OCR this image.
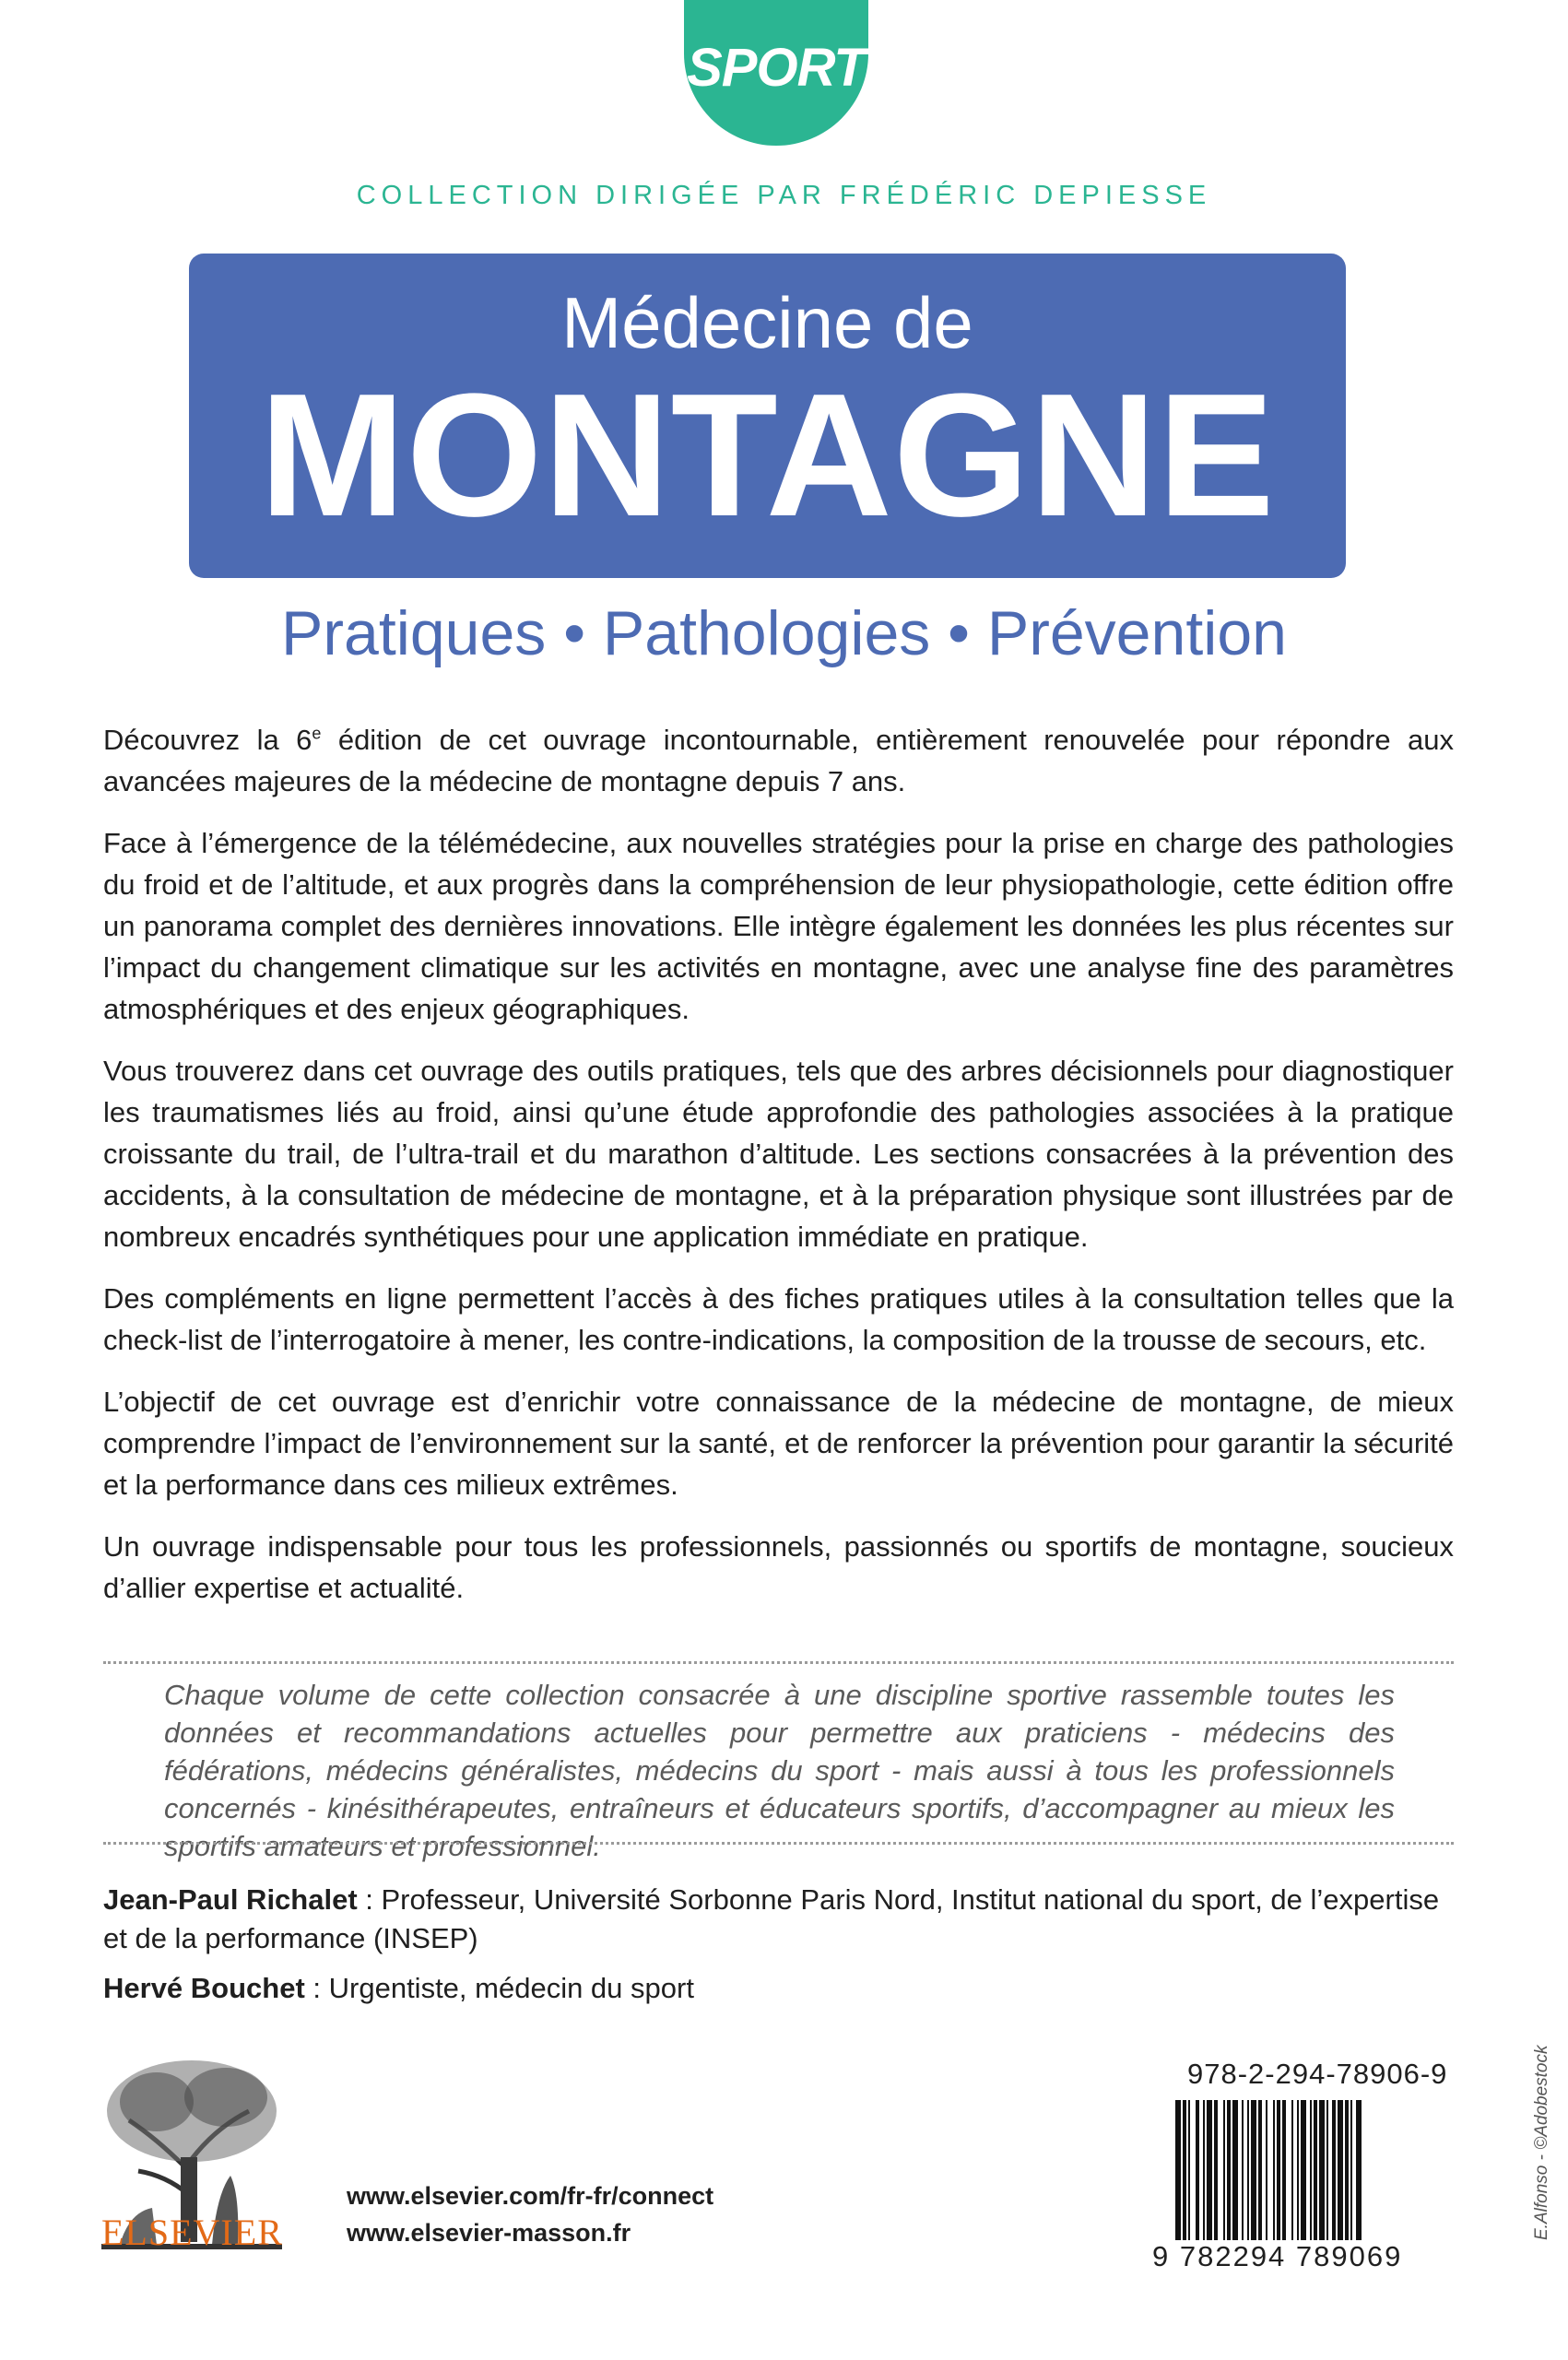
SPORT
COLLECTION DIRIGÉE PAR FRÉDÉRIC DEPIESSE
Médecine de
MONTAGNE
Pratiques • Pathologies • Prévention

Découvrez la 6e édition de cet ouvrage incontournable, entièrement renouvelée pour répondre aux avancées majeures de la médecine de montagne depuis 7 ans.

Face à l’émergence de la télémédecine, aux nouvelles stratégies pour la prise en charge des pathologies du froid et de l’altitude, et aux progrès dans la compréhension de leur physiopathologie, cette édition offre un panorama complet des dernières innovations. Elle intègre également les données les plus récentes sur l’impact du changement climatique sur les activités en montagne, avec une analyse fine des paramètres atmosphériques et des enjeux géographiques.

Vous trouverez dans cet ouvrage des outils pratiques, tels que des arbres décisionnels pour diagnostiquer les traumatismes liés au froid, ainsi qu’une étude approfondie des pathologies associées à la pratique croissante du trail, de l’ultra-trail et du marathon d’altitude. Les sections consacrées à la prévention des accidents, à la consultation de médecine de montagne, et à la préparation physique sont illustrées par de nombreux encadrés synthétiques pour une application immédiate en pratique.

Des compléments en ligne permettent l’accès à des fiches pratiques utiles à la consultation telles que la check-list de l’interrogatoire à mener, les contre-indications, la composition de la trousse de secours, etc.

L’objectif de cet ouvrage est d’enrichir votre connaissance de la médecine de montagne, de mieux comprendre l’impact de l’environnement sur la santé, et de renforcer la prévention pour garantir la sécurité et la performance dans ces milieux extrêmes.

Un ouvrage indispensable pour tous les professionnels, passionnés ou sportifs de montagne, soucieux d’allier expertise et actualité.

Chaque volume de cette collection consacrée à une discipline sportive rassemble toutes les données et recommandations actuelles pour permettre aux praticiens - médecins des fédérations, médecins généralistes, médecins du sport - mais aussi à tous les professionnels concernés - kinésithérapeutes, entraîneurs et éducateurs sportifs, d’accompagner au mieux les sportifs amateurs et professionnel.

Jean-Paul Richalet : Professeur, Université Sorbonne Paris Nord, Institut national du sport, de l’expertise et de la performance (INSEP)

Hervé Bouchet : Urgentiste, médecin du sport

ELSEVIER
www.elsevier.com/fr-fr/connect
www.elsevier-masson.fr
978-2-294-78906-9
9 782294 789069
E.Alfonso - ©Adobestock
